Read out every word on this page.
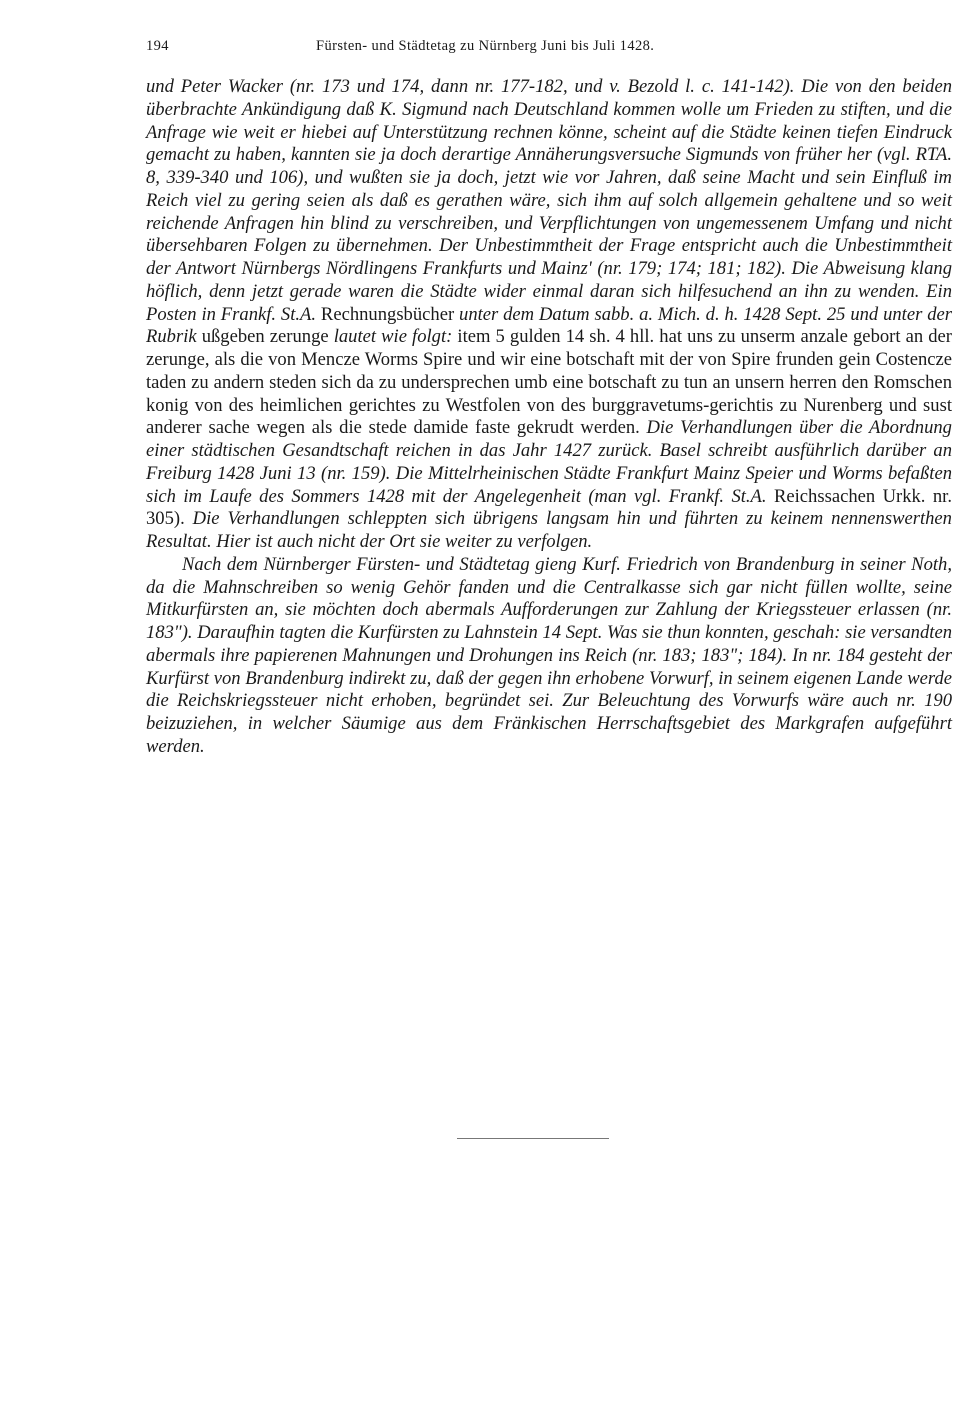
194	Fürsten- und Städtetag zu Nürnberg Juni bis Juli 1428.

und Peter Wacker (nr. 173 und 174, dann nr. 177-182, und v. Bezold l. c. 141-142). Die von den beiden überbrachte Ankündigung daß K. Sigmund nach Deutschland kommen wolle um Frieden zu stiften, und die Anfrage wie weit er hiebei auf Unterstützung rechnen könne, scheint auf die Städte keinen tiefen Eindruck gemacht zu haben, kannten sie ja doch derartige Annäherungsversuche Sigmunds von früher her (vgl. RTA. 8, 339-340 und 106), und wußten sie ja doch, jetzt wie vor Jahren, daß seine Macht und sein Einfluß im Reich viel zu gering seien als daß es gerathen wäre, sich ihm auf solch allgemein gehaltene und so weit reichende Anfragen hin blind zu verschreiben, und Verpflichtungen von ungemessenem Umfang und nicht übersehbaren Folgen zu übernehmen. Der Unbestimmtheit der Frage entspricht auch die Unbestimmtheit der Antwort Nürnbergs Nördlingens Frankfurts und Mainz' (nr. 179; 174; 181; 182). Die Abweisung klang höflich, denn jetzt gerade waren die Städte wider einmal daran sich hilfesuchend an ihn zu wenden. Ein Posten in Frankf. St.A. Rechnungsbücher unter dem Datum sabb. a. Mich. d. h. 1428 Sept. 25 und unter der Rubrik ußgeben zerunge lautet wie folgt: item 5 gulden 14 sh. 4 hll. hat uns zu unserm anzale gebort an der zerunge, als die von Mencze Worms Spire und wir eine botschaft mit der von Spire frunden gein Costencze taden zu andern steden sich da zu undersprechen umb eine botschaft zu tun an unsern herren den Romschen konig von des heimlichen gerichtes zu Westfolen von des burggravetums-gerichtis zu Nurenberg und sust anderer sache wegen als die stede damide faste gekrudt werden. Die Verhandlungen über die Abordnung einer städtischen Gesandtschaft reichen in das Jahr 1427 zurück. Basel schreibt ausführlich darüber an Freiburg 1428 Juni 13 (nr. 159). Die Mittelrheinischen Städte Frankfurt Mainz Speier und Worms befaßten sich im Laufe des Sommers 1428 mit der Angelegenheit (man vgl. Frankf. St.A. Reichssachen Urkk. nr. 305). Die Verhandlungen schleppten sich übrigens langsam hin und führten zu keinem nennenswerthen Resultat. Hier ist auch nicht der Ort sie weiter zu verfolgen.

Nach dem Nürnberger Fürsten- und Städtetag gieng Kurf. Friedrich von Brandenburg in seiner Noth, da die Mahnschreiben so wenig Gehör fanden und die Centralkasse sich gar nicht füllen wollte, seine Mitkurfürsten an, sie möchten doch abermals Aufforderungen zur Zahlung der Kriegssteuer erlassen (nr. 183"). Daraufhin tagten die Kurfürsten zu Lahnstein 14 Sept. Was sie thun konnten, geschah: sie versandten abermals ihre papierenen Mahnungen und Drohungen ins Reich (nr. 183; 183"; 184). In nr. 184 gesteht der Kurfürst von Brandenburg indirekt zu, daß der gegen ihn erhobene Vorwurf, in seinem eigenen Lande werde die Reichskriegssteuer nicht erhoben, begründet sei. Zur Beleuchtung des Vorwurfs wäre auch nr. 190 beizuziehen, in welcher Säumige aus dem Fränkischen Herrschaftsgebiet des Markgrafen aufgeführt werden.
